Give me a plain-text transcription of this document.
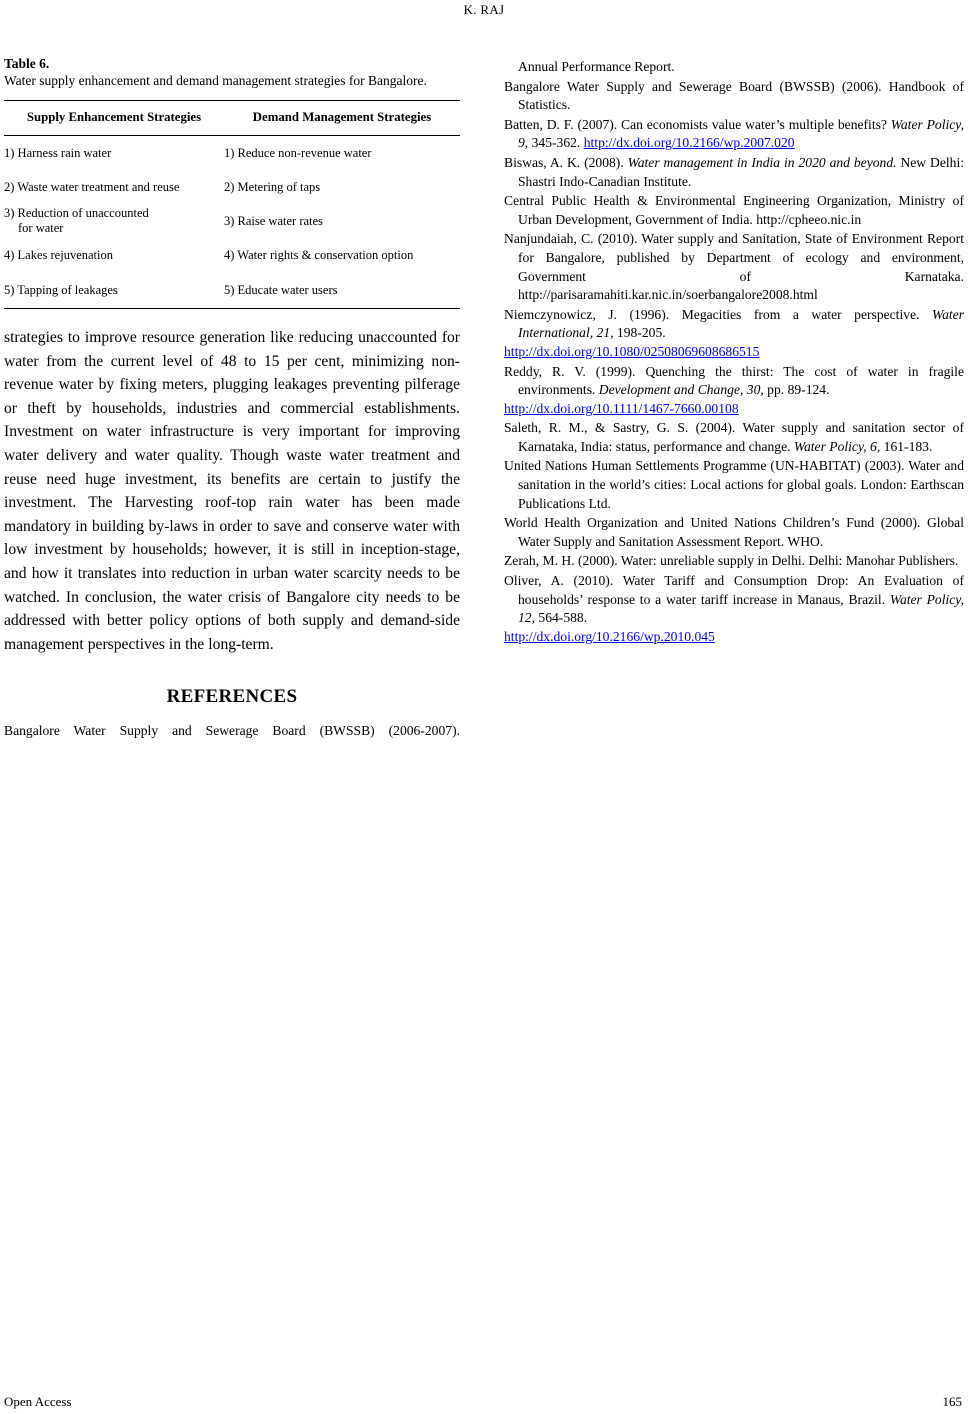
K. RAJ
Table 6.
Water supply enhancement and demand management strategies for Bangalore.
Supply Enhancement Strategies	Demand Management Strategies
1) Harness rain water	1) Reduce non-revenue water
2) Waste water treatment and reuse	2) Metering of taps
3) Reduction of unaccounted
for water	3) Raise water rates
4) Lakes rejuvenation	4) Water rights & conservation option
5) Tapping of leakages	5) Educate water users
strategies to improve resource generation like reducing unaccounted for water from the current level of 48 to 15 per cent, minimizing non-revenue water by fixing meters, plugging leakages preventing pilferage or theft by households, industries and commercial establishments. Investment on water infrastructure is very important for improving water delivery and water quality. Though waste water treatment and reuse need huge investment, its benefits are certain to justify the investment. The Harvesting roof-top rain water has been made mandatory in building by-laws in order to save and conserve water with low investment by households; however, it is still in inception-stage, and how it translates into reduction in urban water scarcity needs to be watched. In conclusion, the water crisis of Bangalore city needs to be addressed with better policy options of both supply and demand-side management perspectives in the long-term.
REFERENCES
Bangalore Water Supply and Sewerage Board (BWSSB) (2006-2007).
Annual Performance Report.
Bangalore Water Supply and Sewerage Board (BWSSB) (2006). Handbook of Statistics.
Batten, D. F. (2007). Can economists value water’s multiple benefits? Water Policy, 9, 345-362. http://dx.doi.org/10.2166/wp.2007.020
Biswas, A. K. (2008). Water management in India in 2020 and beyond. New Delhi: Shastri Indo-Canadian Institute.
Central Public Health & Environmental Engineering Organization, Ministry of Urban Development, Government of India. http://cpheeo.nic.in
Nanjundaiah, C. (2010). Water supply and Sanitation, State of Environment Report for Bangalore, published by Department of ecology and environment, Government of Karnataka. http://parisaramahiti.kar.nic.in/soerbangalore2008.html
Niemczynowicz, J. (1996). Megacities from a water perspective. Water International, 21, 198-205.
http://dx.doi.org/10.1080/02508069608686515
Reddy, R. V. (1999). Quenching the thirst: The cost of water in fragile environments. Development and Change, 30, pp. 89-124.
http://dx.doi.org/10.1111/1467-7660.00108
Saleth, R. M., & Sastry, G. S. (2004). Water supply and sanitation sector of Karnataka, India: status, performance and change. Water Policy, 6, 161-183.
United Nations Human Settlements Programme (UN-HABITAT) (2003). Water and sanitation in the world’s cities: Local actions for global goals. London: Earthscan Publications Ltd.
World Health Organization and United Nations Children’s Fund (2000). Global Water Supply and Sanitation Assessment Report. WHO.
Zerah, M. H. (2000). Water: unreliable supply in Delhi. Delhi: Manohar Publishers.
Oliver, A. (2010). Water Tariff and Consumption Drop: An Evaluation of households’ response to a water tariff increase in Manaus, Brazil. Water Policy, 12, 564-588.
http://dx.doi.org/10.2166/wp.2010.045
Open Access	165
